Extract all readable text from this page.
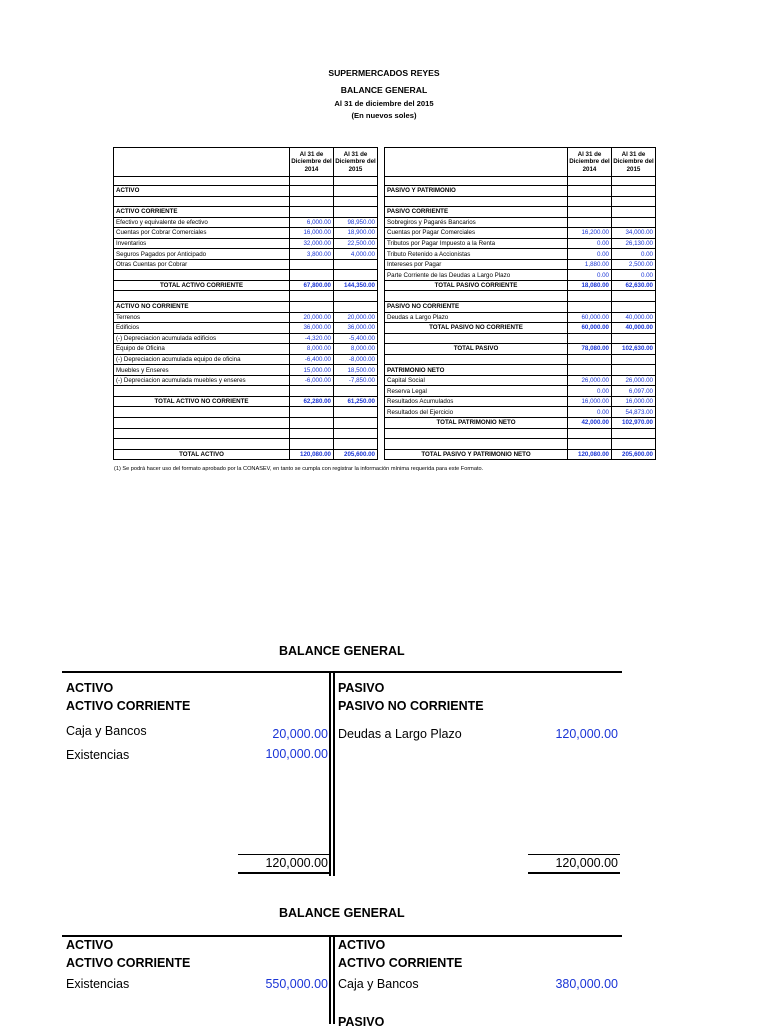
SUPERMERCADOS REYES
BALANCE GENERAL
Al 31 de diciembre del 2015
(En nuevos soles)
	Al 31 de Diciembre del 2014	Al 31 de Diciembre del 2015

ACTIVO		

ACTIVO CORRIENTE		
Efectivo y equivalente de efectivo	6,000.00	98,950.00
Cuentas por Cobrar Comerciales	16,000.00	18,900.00
Inventarios	32,000.00	22,500.00
Seguros Pagados por Anticipado	3,800.00	4,000.00
Otras Cuentas por Cobrar		

TOTAL ACTIVO CORRIENTE	67,800.00	144,350.00

ACTIVO NO CORRIENTE		
Terrenos	20,000.00	20,000.00
Edificios	36,000.00	36,000.00
(-) Depreciacion acumulada edificios	-4,320.00	-5,400.00
Equipo de Oficina	8,000.00	8,000.00
(-) Depreciacion acumulada equipo de oficina	-6,400.00	-8,000.00
Muebles y Enseres	15,000.00	18,500.00
(-) Depreciacion acumulada muebles y enseres	-6,000.00	-7,850.00

TOTAL ACTIVO NO CORRIENTE	62,280.00	61,250.00

TOTAL ACTIVO	120,080.00	205,600.00
	Al 31 de Diciembre del 2014	Al 31 de Diciembre del 2015

PASIVO Y PATRIMONIO		

PASIVO CORRIENTE		
Sobregiros y Pagarés Bancarios		
Cuentas por Pagar Comerciales	16,200.00	34,000.00
Tributos por Pagar Impuesto a la Renta	0.00	26,130.00
Tributo Retenido a Accionistas	0.00	0.00
Intereses por Pagar	1,880.00	2,500.00
Parte Corriente de las Deudas a Largo Plazo	0.00	0.00
TOTAL PASIVO CORRIENTE	18,080.00	62,630.00

PASIVO NO CORRIENTE		
Deudas a Largo Plazo	60,000.00	40,000.00
TOTAL PASIVO NO CORRIENTE	60,000.00	40,000.00

TOTAL PASIVO	78,080.00	102,630.00

PATRIMONIO NETO		
Capital Social	26,000.00	26,000.00
Reserva Legal	0.00	6,097.00
Resultados Acumulados	16,000.00	16,000.00
Resultados del Ejercicio	0.00	54,873.00
TOTAL PATRIMONIO NETO	42,000.00	102,970.00

TOTAL PASIVO Y PATRIMONIO NETO	120,080.00	205,600.00
(1) Se podrá hacer uso del formato aprobado por la CONASEV, en tanto se cumpla con registrar la información mínima requerida para este Formato.
BALANCE GENERAL
ACTIVO
ACTIVO CORRIENTE
Caja y Bancos	20,000.00
Existencias	100,000.00
120,000.00
PASIVO
PASIVO NO CORRIENTE
Deudas a Largo Plazo	120,000.00
120,000.00
BALANCE GENERAL
ACTIVO
ACTIVO CORRIENTE
Existencias	550,000.00
ACTIVO
ACTIVO CORRIENTE
Caja y Bancos	380,000.00
PASIVO
